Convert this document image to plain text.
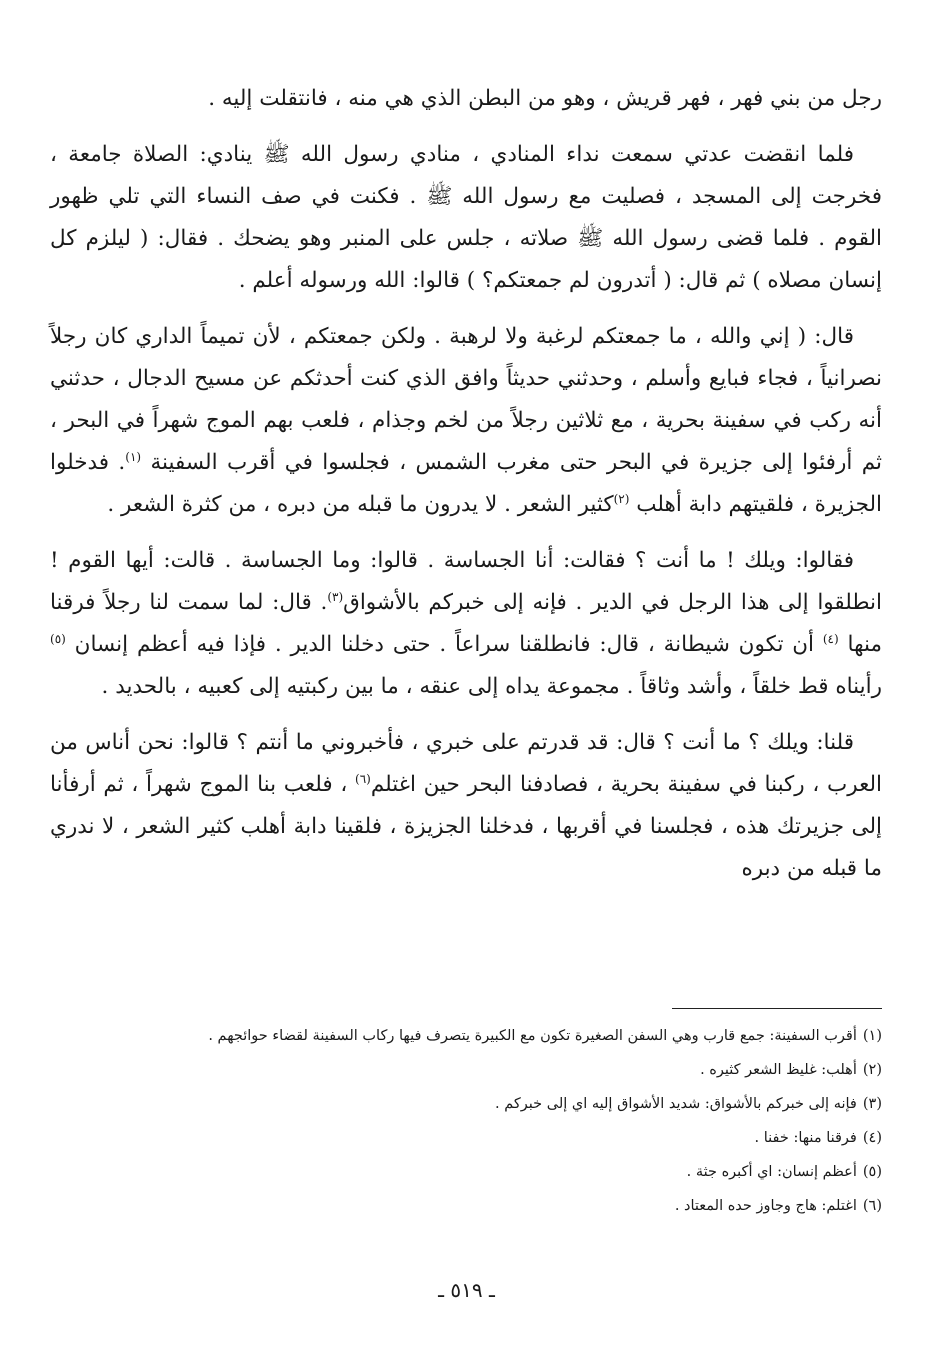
رجل من بني فهر ، فهر قريش ، وهو من البطن الذي هي منه ، فانتقلت إليه .

فلما انقضت عدتي سمعت نداء المنادي ، منادي رسول الله ﷺ ينادي: الصلاة جامعة ، فخرجت إلى المسجد ، فصليت مع رسول الله ﷺ . فكنت في صف النساء التي تلي ظهور القوم . فلما قضى رسول الله ﷺ صلاته ، جلس على المنبر وهو يضحك . فقال: ( ليلزم كل إنسان مصلاه ) ثم قال: ( أتدرون لم جمعتكم؟ ) قالوا: الله ورسوله أعلم .

قال: ( إني والله ، ما جمعتكم لرغبة ولا لرهبة . ولكن جمعتكم ، لأن تميماً الداري كان رجلاً نصرانياً ، فجاء فبايع وأسلم ، وحدثني حديثاً وافق الذي كنت أحدثكم عن مسيح الدجال ، حدثني أنه ركب في سفينة بحرية ، مع ثلاثين رجلاً من لخم وجذام ، فلعب بهم الموج شهراً في البحر ، ثم أرفئوا إلى جزيرة في البحر حتى مغرب الشمس ، فجلسوا في أقرب السفينة $^{(١)}$. فدخلوا الجزيرة ، فلقيتهم دابة أهلب $^{(٢)}$كثير الشعر . لا يدرون ما قبله من دبره ، من كثرة الشعر .

فقالوا: ويلك ! ما أنت ؟ فقالت: أنا الجساسة . قالوا: وما الجساسة . قالت: أيها القوم ! انطلقوا إلى هذا الرجل في الدير . فإنه إلى خبركم بالأشواق$^{(٣)}$. قال: لما سمت لنا رجلاً فرقنا منها $^{(٤)}$ أن تكون شيطانة ، قال: فانطلقنا سراعاً . حتى دخلنا الدير . فإذا فيه أعظم إنسان $^{(٥)}$ رأيناه قط خلقاً ، وأشد وثاقاً . مجموعة يداه إلى عنقه ، ما بين ركبتيه إلى كعبيه ، بالحديد .

قلنا: ويلك ؟ ما أنت ؟ قال: قد قدرتم على خبري ، فأخبروني ما أنتم ؟ قالوا: نحن أناس من العرب ، ركبنا في سفينة بحرية ، فصادفنا البحر حين اغتلم$^{(٦)}$ ، فلعب بنا الموج شهراً ، ثم أرفأنا إلى جزيرتك هذه ، فجلسنا في أقربها ، فدخلنا الجزيزة ، فلقينا دابة أهلب كثير الشعر ، لا ندري ما قبله من دبره

(١)أقرب السفينة: جمع قارب وهي السفن الصغيرة تكون مع الكبيرة يتصرف فيها ركاب السفينة لقضاء حوائجهم .

(٢)أهلب: غليظ الشعر كثيره .

(٣)فإنه إلى خبركم بالأشواق: شديد الأشواق إليه اي إلى خبركم .

(٤)فرقنا منها: خفنا .

(٥)أعظم إنسان: اي أكبره جثة .

(٦)اغتلم: هاج وجاوز حده المعتاد .

ـ ٥١٩ ـ
